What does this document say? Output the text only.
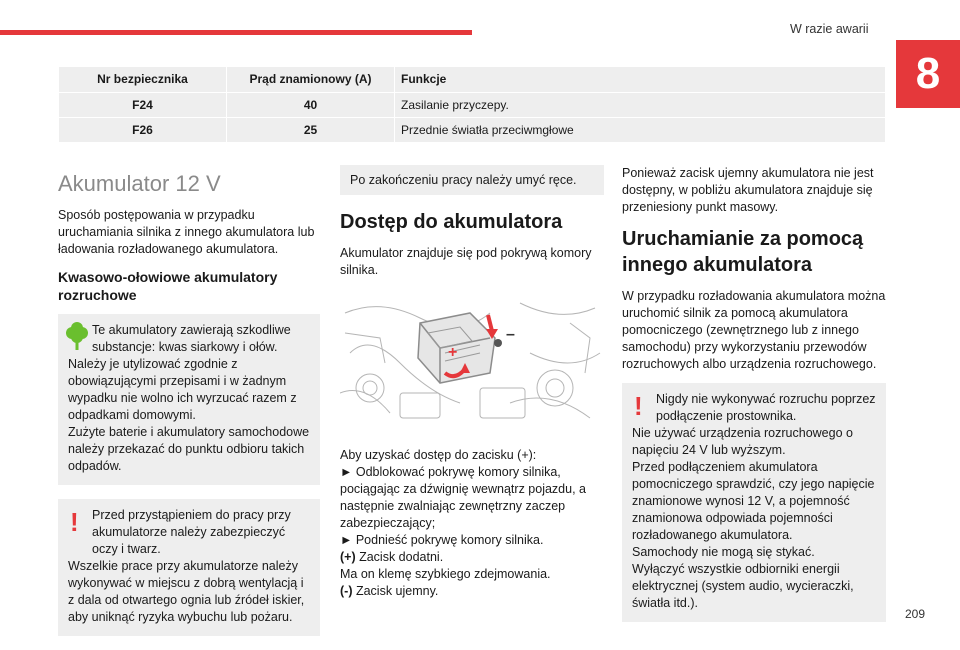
W razie awarii
8
Nr bezpiecznika	Prąd znamionowy (A)	Funkcje
F24	40	Zasilanie przyczepy.
F26	25	Przednie światła przeciwmgłowe
Akumulator 12 V

Sposób postępowania w przypadku uruchamiania silnika z innego akumulatora lub ładowania rozładowanego akumulatora.

Kwasowo-ołowiowe akumulatory rozruchowe
Te akumulatory zawierają szkodliwe substancje: kwas siarkowy i ołów.
Należy je utylizować zgodnie z obowiązującymi przepisami i w żadnym wypadku nie wolno ich wyrzucać razem z odpadkami domowymi.
Zużyte baterie i akumulatory samochodowe należy przekazać do punktu odbioru takich odpadów.
!	Przed przystąpieniem do pracy przy akumulatorze należy zabezpieczyć oczy i twarz.
Wszelkie prace przy akumulatorze należy wykonywać w miejscu z dobrą wentylacją i z dala od otwartego ognia lub źródeł iskier, aby uniknąć ryzyka wybuchu lub pożaru.
Po zakończeniu pracy należy umyć ręce.
Dostęp do akumulatora

Akumulator znajduje się pod pokrywą komory silnika.

+
–

Aby uzyskać dostęp do zacisku (+):
► Odblokować pokrywę komory silnika, pociągając za dźwignię wewnątrz pojazdu, a następnie zwalniając zewnętrzny zaczep zabezpieczający;
► Podnieść pokrywę komory silnika.
(+) Zacisk dodatni.
Ma on klemę szybkiego zdejmowania.
(-) Zacisk ujemny.

Ponieważ zacisk ujemny akumulatora nie jest dostępny, w pobliżu akumulatora znajduje się przeniesiony punkt masowy.

Uruchamianie za pomocą innego akumulatora

W przypadku rozładowania akumulatora można uruchomić silnik za pomocą akumulatora pomocniczego (zewnętrznego lub z innego samochodu) przy wykorzystaniu przewodów rozruchowych albo urządzenia rozruchowego.

!	Nigdy nie wykonywać rozruchu poprzez podłączenie prostownika.
Nie używać urządzenia rozruchowego o napięciu 24 V lub wyższym.
Przed podłączeniem akumulatora pomocniczego sprawdzić, czy jego napięcie znamionowe wynosi 12 V, a pojemność znamionowa odpowiada pojemności rozładowanego akumulatora.
Samochody nie mogą się stykać.
Wyłączyć wszystkie odbiorniki energii elektrycznej (system audio, wycieraczki, światła itd.).
209
